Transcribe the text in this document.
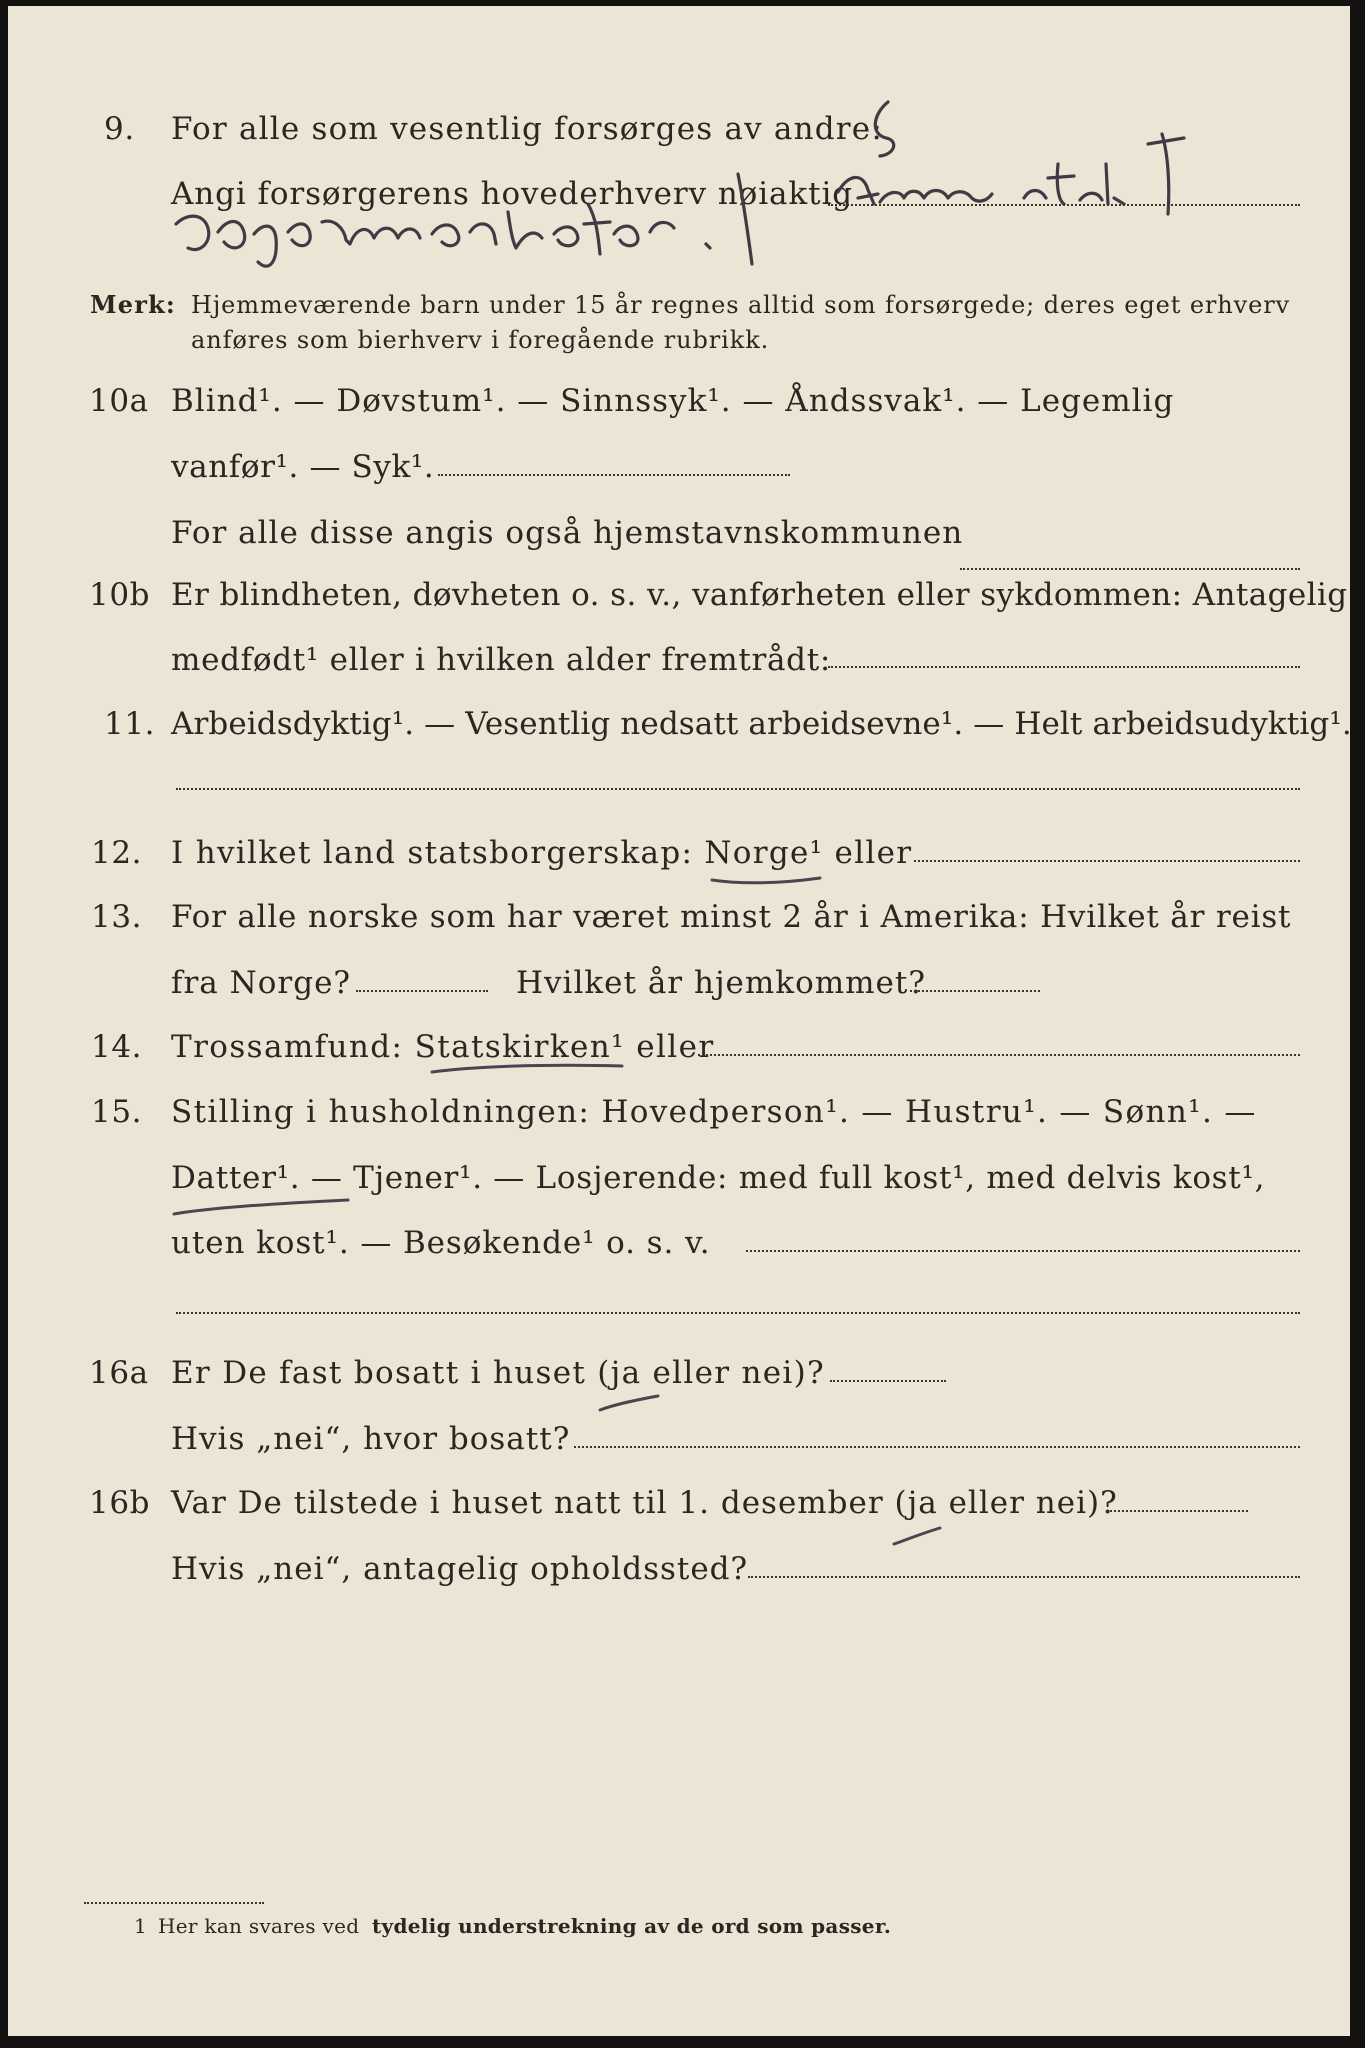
9. For alle som vesentlig forsørges av andre:
Angi forsørgerens hovederhverv nøiaktig
Merk: Hjemmeværende barn under 15 år regnes alltid som forsørgede; deres eget erhverv
anføres som bierhverv i foregående rubrikk.
10a Blind¹. — Døvstum¹. — Sinnssyk¹. — Åndssvak¹. — Legemlig
vanfør¹. — Syk¹.
For alle disse angis også hjemstavnskommunen
10b Er blindheten, døvheten o. s. v., vanførheten eller sykdommen: Antagelig
medfødt¹ eller i hvilken alder fremtrådt:
11. Arbeidsdyktig¹. — Vesentlig nedsatt arbeidsevne¹. — Helt arbeidsudyktig¹.
12. I hvilket land statsborgerskap: Norge¹ eller
13. For alle norske som har været minst 2 år i Amerika: Hvilket år reist
fra Norge?	Hvilket år hjemkommet?
14. Trossamfund: Statskirken¹ eller
15. Stilling i husholdningen: Hovedperson¹. — Hustru¹. — Sønn¹. —
Datter¹. — Tjener¹. — Losjerende: med full kost¹, med delvis kost¹,
uten kost¹. — Besøkende¹ o. s. v.
16a Er De fast bosatt i huset (ja eller nei)?
Hvis „nei“, hvor bosatt?
16b Var De tilstede i huset natt til 1. desember (ja eller nei)?
Hvis „nei“, antagelig opholdssted?
1 Her kan svares ved tydelig understrekning av de ord som passer.
